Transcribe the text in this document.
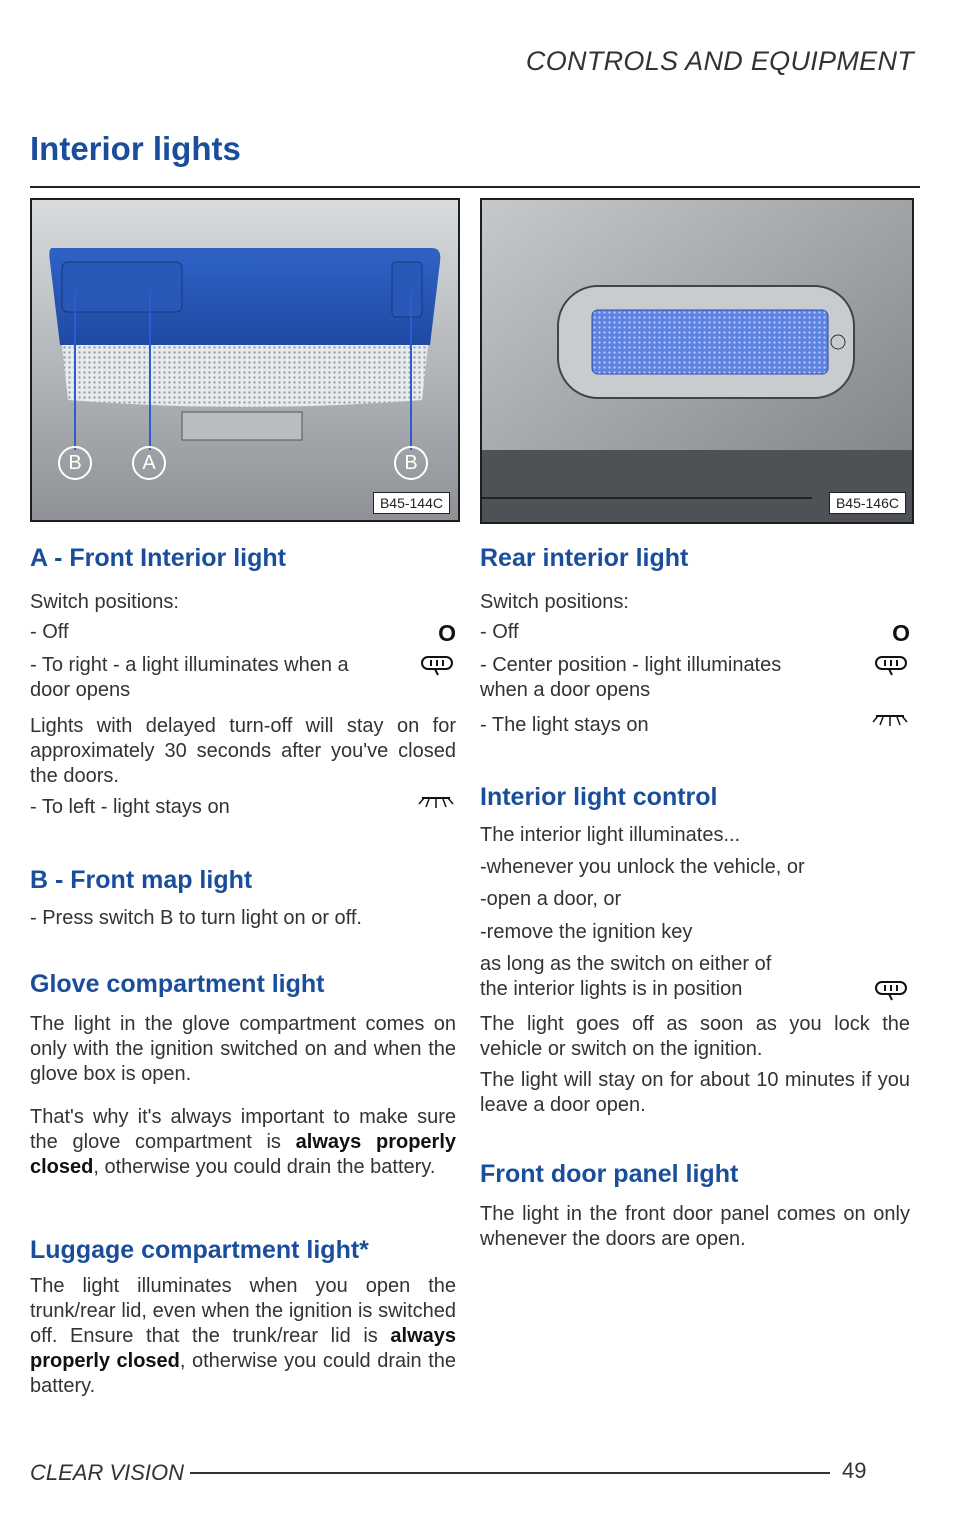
CONTROLS AND EQUIPMENT
Interior lights
B	A	B
B45-144C	B45-146C
A - Front Interior light
Switch positions:
- Off	O
- To right - a light illuminates when a door opens
Lights with delayed turn-off will stay on for approximately 30 seconds after you've closed the doors.
- To left - light stays on
B - Front map light
- Press switch B to turn light on or off.
Glove compartment light
The light in the glove compartment comes on only with the ignition switched on and when the glove box is open.
That's why it's always important to make sure the glove compartment is always properly closed, otherwise you could drain the battery.
Luggage compartment light*
The light illuminates when you open the trunk/rear lid, even when the ignition is switched off. Ensure that the trunk/rear lid is always properly closed, otherwise you could drain the battery.
Rear interior light
Switch positions:
- Off	O
- Center position - light illuminates when a door opens
- The light stays on
Interior light control
The interior light illuminates...
-whenever you unlock the vehicle, or
-open a door, or
-remove the ignition key
as long as the switch on either of the interior lights is in position
The light goes off as soon as you lock the vehicle or switch on the ignition.
The light will stay on for about 10 minutes if you leave a door open.
Front door panel light
The light in the front door panel comes on only whenever the doors are open.
CLEAR VISION	49
